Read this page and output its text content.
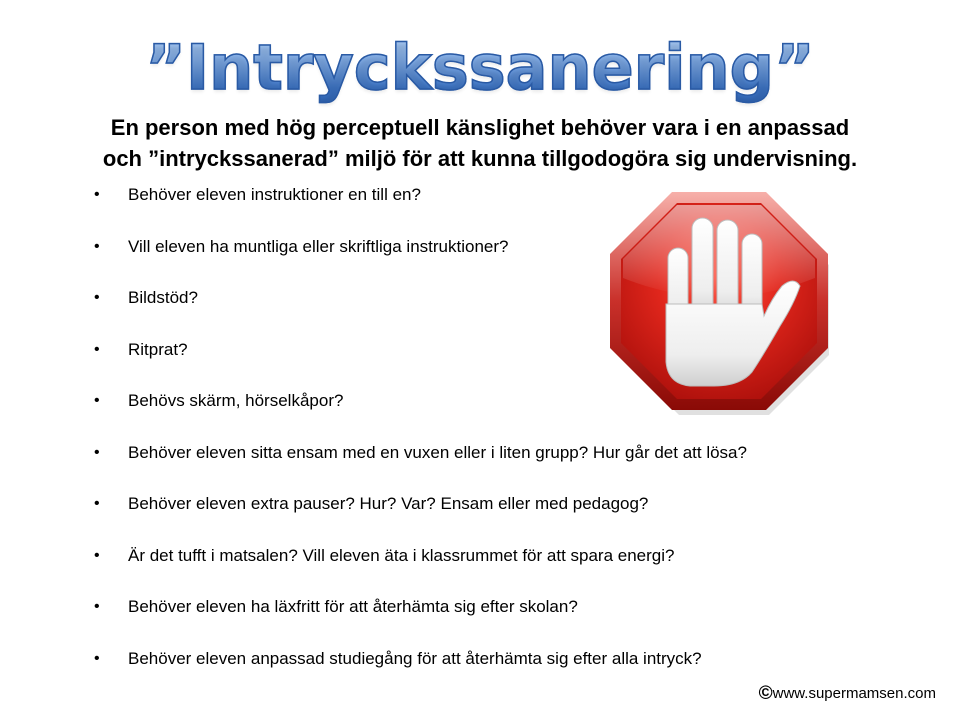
”Intryckssanering”
En person med hög perceptuell känslighet behöver vara i en anpassad
och ”intryckssanerad” miljö för att kunna tillgodogöra sig undervisning.
• Behöver eleven instruktioner en till en?
• Vill eleven ha muntliga eller skriftliga instruktioner?
• Bildstöd?
• Ritprat?
• Behövs skärm, hörselkåpor?
• Behöver eleven sitta ensam med en vuxen eller i liten grupp? Hur går det att lösa?
• Behöver eleven extra pauser? Hur? Var? Ensam eller med pedagog?
• Är det tufft i matsalen? Vill eleven äta i klassrummet för att spara energi?
• Behöver eleven ha läxfritt för att återhämta sig efter skolan?
• Behöver eleven anpassad studiegång för att återhämta sig efter alla intryck?
©www.supermamsen.com
